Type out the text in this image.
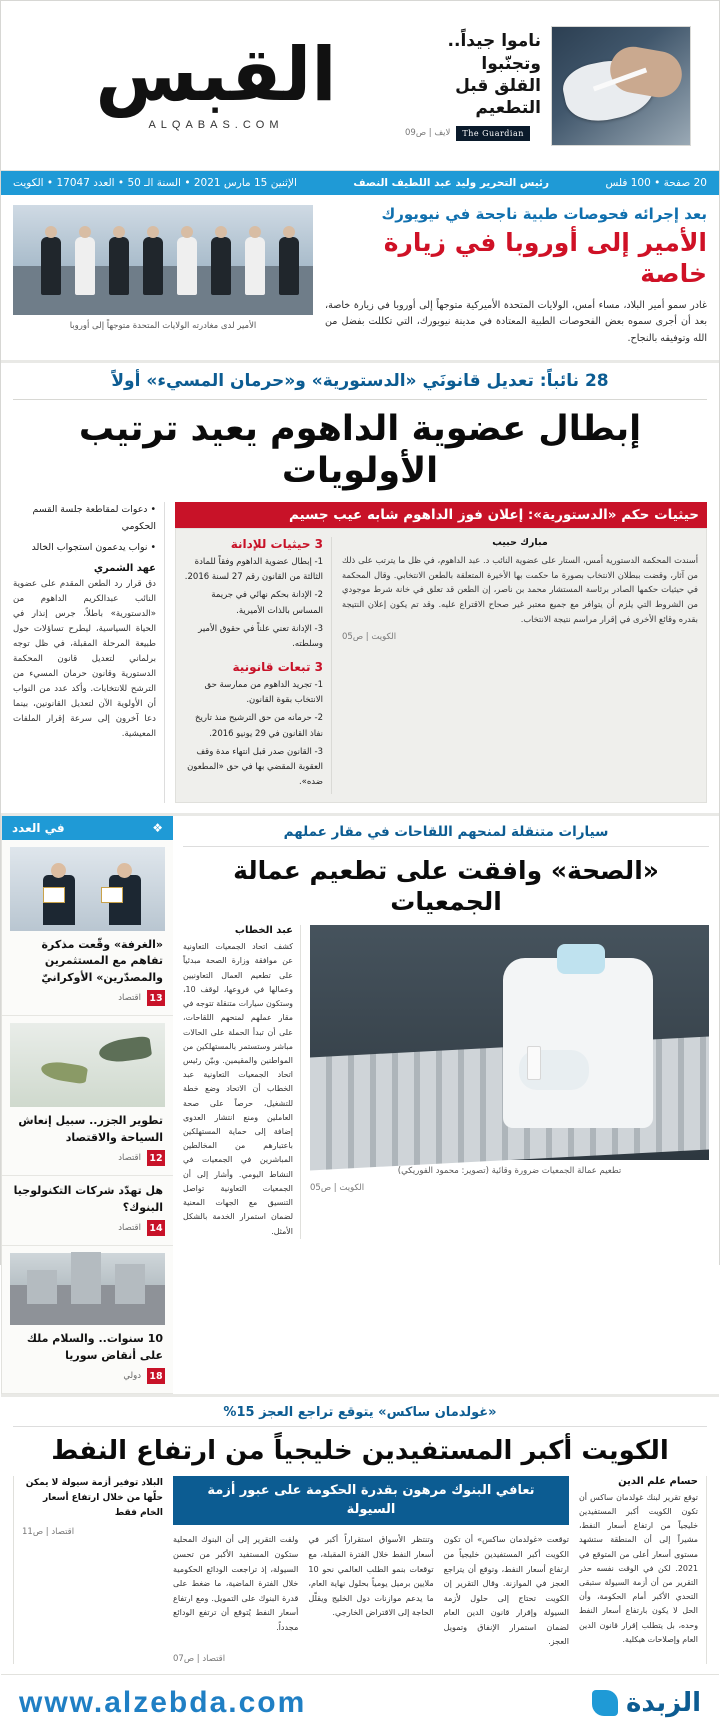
ناموا جيداً..
وتجنّبوا
القلق قبل
التطعيم
The Guardian
لايف | ص09
القبس
ALQABAS.COM
20 صفحة • 100 فلس
رئيس التحرير وليد عبد اللطيف النصف
الإثنين 15 مارس 2021 • السنة الـ 50 • العدد 17047 • الكويت
بعد إجرائه فحوصات طبية ناجحة في نيويورك
الأمير إلى أوروبا في زيارة خاصة
غادر سمو أمير البلاد، مساء أمس، الولايات المتحدة الأميركية متوجهاً إلى أوروبا في زيارة خاصة، بعد أن أجرى سموه بعض الفحوصات الطبية المعتادة في مدينة نيويورك، التي تكللت بفضل من الله وتوفيقه بالنجاح.
الأمير لدى مغادرته الولايات المتحدة متوجهاً إلى أوروبا
28 نائباً: تعديل قانونَي «الدستورية» و«حرمان المسيء» أولاً
إبطال عضوية الداهوم يعيد ترتيب الأولويات
حيثيات حكم «الدستورية»: إعلان فوز الداهوم شابه عيب جسيم
مبارك حبيب
أسندت المحكمة الدستورية أمس، الستار على عضوية النائب د. عبد الداهوم، في ظل ما يترتب على ذلك من آثار، وقضت ببطلان الانتخاب بصورة ما حكمت بها الأخيرة المتعلقة بالطعن الانتخابي. وقال المحكمة في حيثيات حكمها الصادر برئاسة المستشار محمد بن ناصر، إن الطعن قد تعلق في خانة شرط موجودي من الشروط التي يلزم أن يتوافر مع جميع معتبر غير صحاح الاقتراع عليه. وقد تم يكون إعلان النتيجة بقدره وقائع الأخرى في إقرار مراسم نتيجة الانتخاب.
الكويت | ص05
3 حيثيات للإدانة
1- إبطال عضوية الداهوم وفقاً للمادة الثالثة من القانون رقم 27 لسنة 2016.
2- الإدانة بحكم نهائي في جريمة المساس بالذات الأميرية.
3- الإدانة تعني علناً في حقوق الأمير وسلطته.
3 تبعات قانونية
1- تجريد الداهوم من ممارسة حق الانتخاب بقوة القانون.
2- حرمانه من حق الترشيح منذ تاريخ نفاذ القانون في 29 يونيو 2016.
3- القانون صدر قبل انتهاء مدة وقف العقوبة المقضي بها في حق «المطعون ضده».
• دعوات لمقاطعة جلسة القسم الحكومي
• نواب يدعمون استجواب الخالد
عهد الشمري
دق قرار رد الطعن المقدم على عضوية النائب عبدالكريم الداهوم من «الدستورية» باطلاً، جرس إنذار في الحياة السياسية، ليطرح تساؤلات حول طبيعة المرحلة المقبلة، في ظل توجه برلماني لتعديل قانون المحكمة الدستورية وقانون حرمان المسيء من الترشح للانتخابات. وأكد عدد من النواب أن الأولوية الآن لتعديل القانونين، بينما دعا آخرون إلى سرعة إقرار الملفات المعيشية.
سيارات متنقلة لمنحهم اللقاحات في مقار عملهم
«الصحة» وافقت على تطعيم عمالة الجمعيات
تطعيم عمالة الجمعيات ضرورة وقائية (تصوير: محمود الفوريكي)
الكويت | ص05
عبد الخطاب
كشف اتحاد الجمعيات التعاونية عن موافقة وزارة الصحة مبدئياً على تطعيم العمال التعاونيين وعمالها في فروعها، لوقف 10، وستكون سيارات متنقلة تتوجه في مقار عملهم لمنحهم اللقاحات، على أن تبدأ الحملة على الحالات مباشر وستستمر بالمستهلكين من المواطنين والمقيمين. وبيّن رئيس اتحاد الجمعيات التعاونية عبد الخطاب أن الاتحاد وضع خطة للتشغيل، حرصاً على صحة العاملين ومنع انتشار العدوى إضافة إلى حماية المستهلكين باعتبارهم من المخالطين المباشرين في الجمعيات في النشاط اليومي. وأشار إلى أن الجمعيات التعاونية تواصل التنسيق مع الجهات المعنية لضمان استمرار الخدمة بالشكل الأمثل.
❖
في العدد
«الغرفة» وقّعت مذكرة تفاهم مع المستثمرين والمصدّرين» الأوكرانيّ
13
اقتصاد
تطوير الجزر.. سبيل إنعاش السياحة والاقتصاد
12
اقتصاد
هل تهدّد شركات التكنولوجيا البنوك؟
14
اقتصاد
10 سنوات.. والسلام ملك على أنقاض سوريا
18
دولي
«غولدمان ساكس» يتوقع تراجع العجز 15%
الكويت أكبر المستفيدين خليجياً من ارتفاع النفط
حسام علم الدين
توقع تقرير لبنك غولدمان ساكس أن تكون الكويت أكبر المستفيدين خليجياً من ارتفاع أسعار النفط، مشيراً إلى أن المنطقة ستشهد مستوى أسعار أعلى من المتوقع في 2021. لكن في الوقت نفسه حذر التقرير من أن أزمة السيولة ستبقى التحدي الأكبر أمام الحكومة، وأن الحل لا يكون بارتفاع أسعار النفط وحده، بل يتطلب إقرار قانون الدين العام وإصلاحات هيكلية.
تعافي البنوك مرهون بقدرة الحكومة على عبور أزمة السيولة
توقعت «غولدمان ساكس» أن تكون الكويت أكبر المستفيدين خليجياً من ارتفاع أسعار النفط، وتوقع أن يتراجع العجز في الموازنة. وقال التقرير إن الكويت تحتاج إلى حلول لأزمة السيولة وإقرار قانون الدين العام لضمان استمرار الإنفاق وتمويل العجز.
وتنتظر الأسواق استقراراً أكبر في أسعار النفط خلال الفترة المقبلة، مع توقعات بنمو الطلب العالمي نحو 10 ملايين برميل يومياً بحلول نهاية العام، ما يدعم موازنات دول الخليج ويقلّل الحاجة إلى الاقتراض الخارجي.
ولفت التقرير إلى أن البنوك المحلية ستكون المستفيد الأكبر من تحسن السيولة، إذ تراجعت الودائع الحكومية خلال الفترة الماضية، ما ضغط على قدرة البنوك على التمويل. ومع ارتفاع أسعار النفط يُتوقع أن ترتفع الودائع مجدداً.
اقتصاد | ص07
البلاد توفير أزمة سيولة لا يمكن حلّها من خلال ارتفاع أسعار الخام فقط
اقتصاد | ص11
الزبدة
www.alzebda.com
